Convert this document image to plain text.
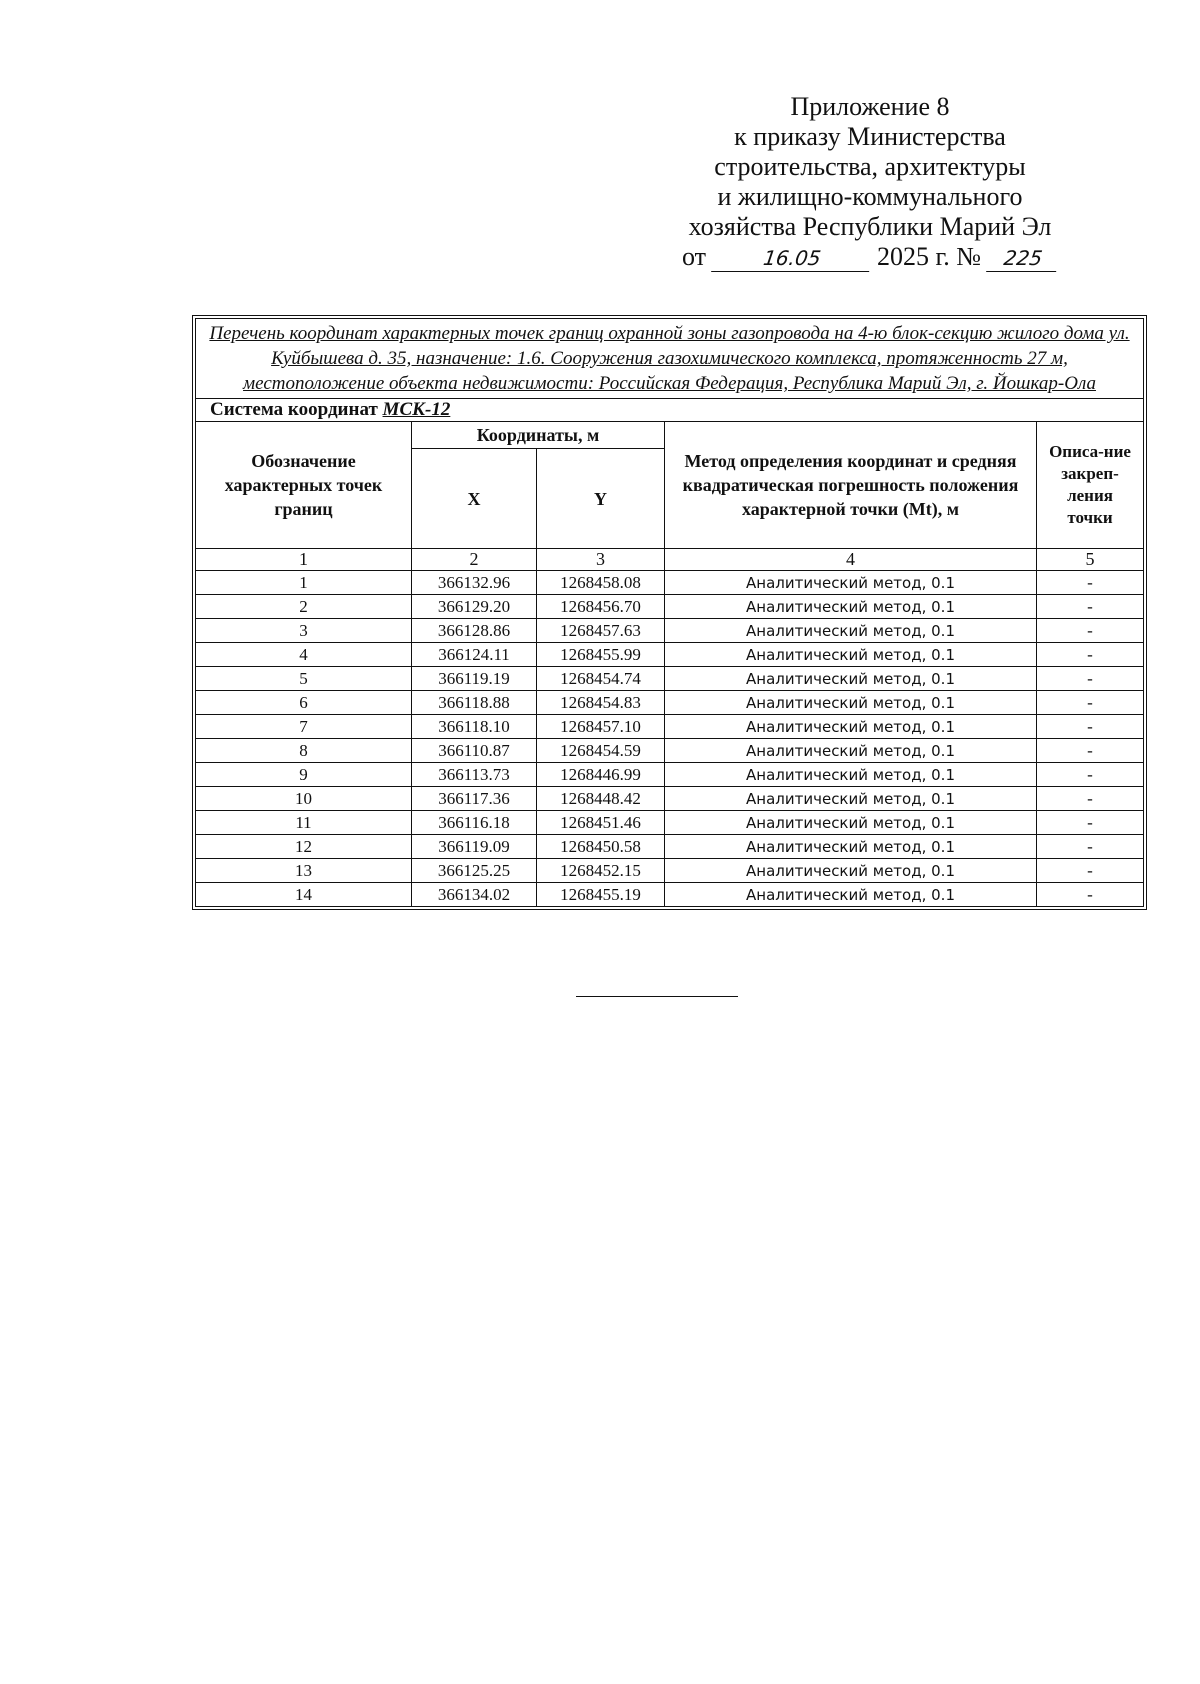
Приложение 8
к приказу Министерства
строительства, архитектуры
и жилищно-коммунального
хозяйства Республики Марий Эл
от	16.05 2025 г. № 225
Перечень координат характерных точек границ охранной зоны газопровода на 4-ю блок-секцию жилого дома ул. Куйбышева д. 35, назначение: 1.6. Сооружения газохимического комплекса, протяженность 27 м, местоположение объекта недвижимости: Российская Федерация, Республика Марий Эл, г. Йошкар-Ола				
Система координат МСК-12				
Обозначение характерных точек границ	Координаты, м		Метод определения координат и средняя квадратическая погрешность положения характерной точки (Mt), м	Описа-ние закреп-ления точки
	X	Y		
1	2	3	4	5
1	366132.96	1268458.08	Аналитический метод, 0.1	-
2	366129.20	1268456.70	Аналитический метод, 0.1	-
3	366128.86	1268457.63	Аналитический метод, 0.1	-
4	366124.11	1268455.99	Аналитический метод, 0.1	-
5	366119.19	1268454.74	Аналитический метод, 0.1	-
6	366118.88	1268454.83	Аналитический метод, 0.1	-
7	366118.10	1268457.10	Аналитический метод, 0.1	-
8	366110.87	1268454.59	Аналитический метод, 0.1	-
9	366113.73	1268446.99	Аналитический метод, 0.1	-
10	366117.36	1268448.42	Аналитический метод, 0.1	-
11	366116.18	1268451.46	Аналитический метод, 0.1	-
12	366119.09	1268450.58	Аналитический метод, 0.1	-
13	366125.25	1268452.15	Аналитический метод, 0.1	-
14	366134.02	1268455.19	Аналитический метод, 0.1	-
